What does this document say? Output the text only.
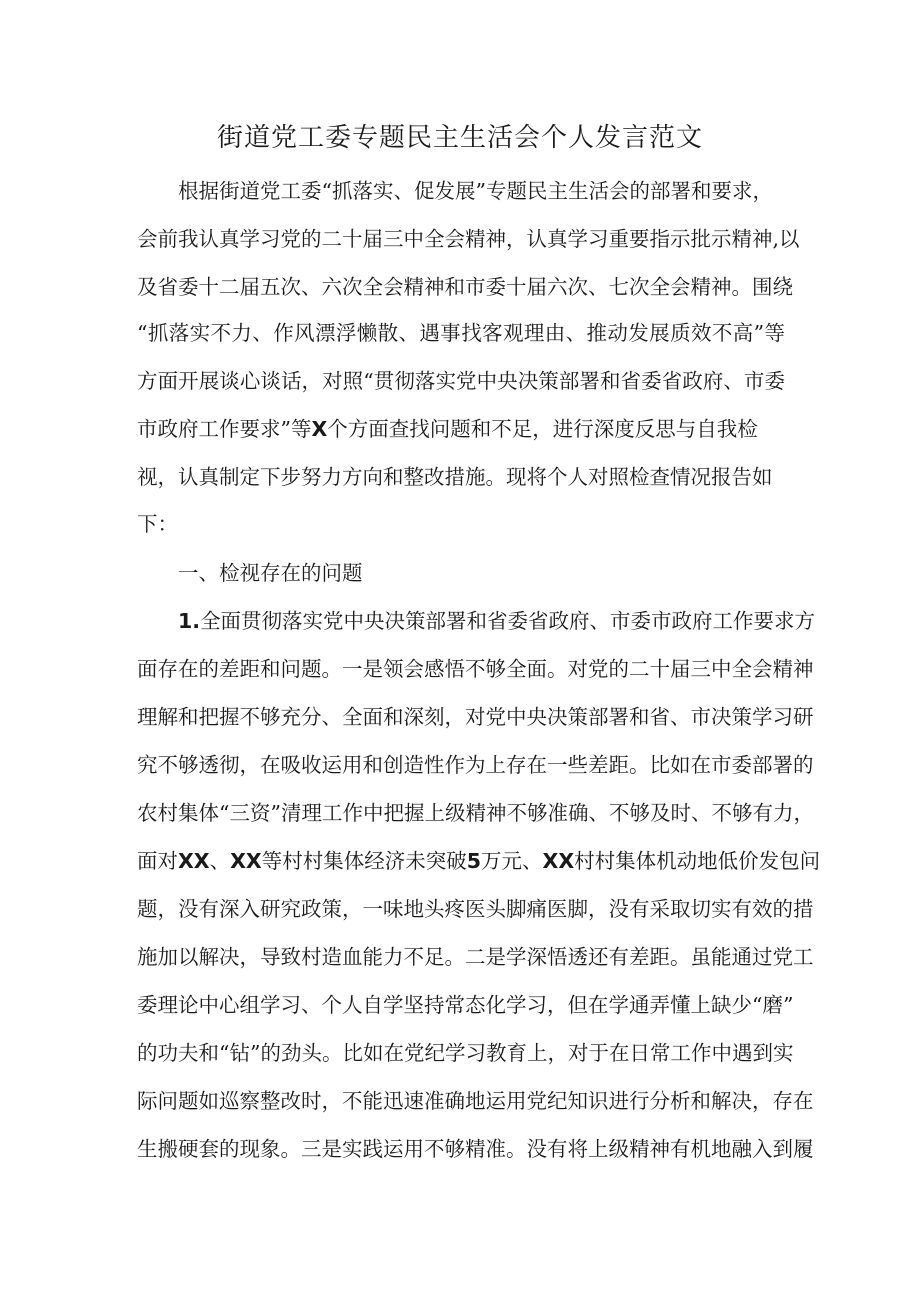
街道党工委专题民主生活会个人发言范文
根据街道党工委“抓落实、促发展”专题民主生活会的部署和要求，
会前我认真学习党的二十届三中全会精神，认真学习重要指示批示精神,以
及省委十二届五次、六次全会精神和市委十届六次、七次全会精神。围绕
“抓落实不力、作风漂浮懒散、遇事找客观理由、推动发展质效不高”等
方面开展谈心谈话，对照“贯彻落实党中央决策部署和省委省政府、市委
市政府工作要求”等X个方面查找问题和不足，进行深度反思与自我检
视，认真制定下步努力方向和整改措施。现将个人对照检查情况报告如
下：
一、检视存在的问题
1.全面贯彻落实党中央决策部署和省委省政府、市委市政府工作要求方
面存在的差距和问题。一是领会感悟不够全面。对党的二十届三中全会精神
理解和把握不够充分、全面和深刻，对党中央决策部署和省、市决策学习研
究不够透彻，在吸收运用和创造性作为上存在一些差距。比如在市委部署的
农村集体“三资”清理工作中把握上级精神不够准确、不够及时、不够有力，
面对XX、XX等村村集体经济未突破5万元、XX村村集体机动地低价发包问
题，没有深入研究政策，一味地头疼医头脚痛医脚，没有采取切实有效的措
施加以解决，导致村造血能力不足。二是学深悟透还有差距。虽能通过党工
委理论中心组学习、个人自学坚持常态化学习，但在学通弄懂上缺少“磨”
的功夫和“钻”的劲头。比如在党纪学习教育上，对于在日常工作中遇到实
际问题如巡察整改时，不能迅速准确地运用党纪知识进行分析和解决，存在
生搬硬套的现象。三是实践运用不够精准。没有将上级精神有机地融入到履
